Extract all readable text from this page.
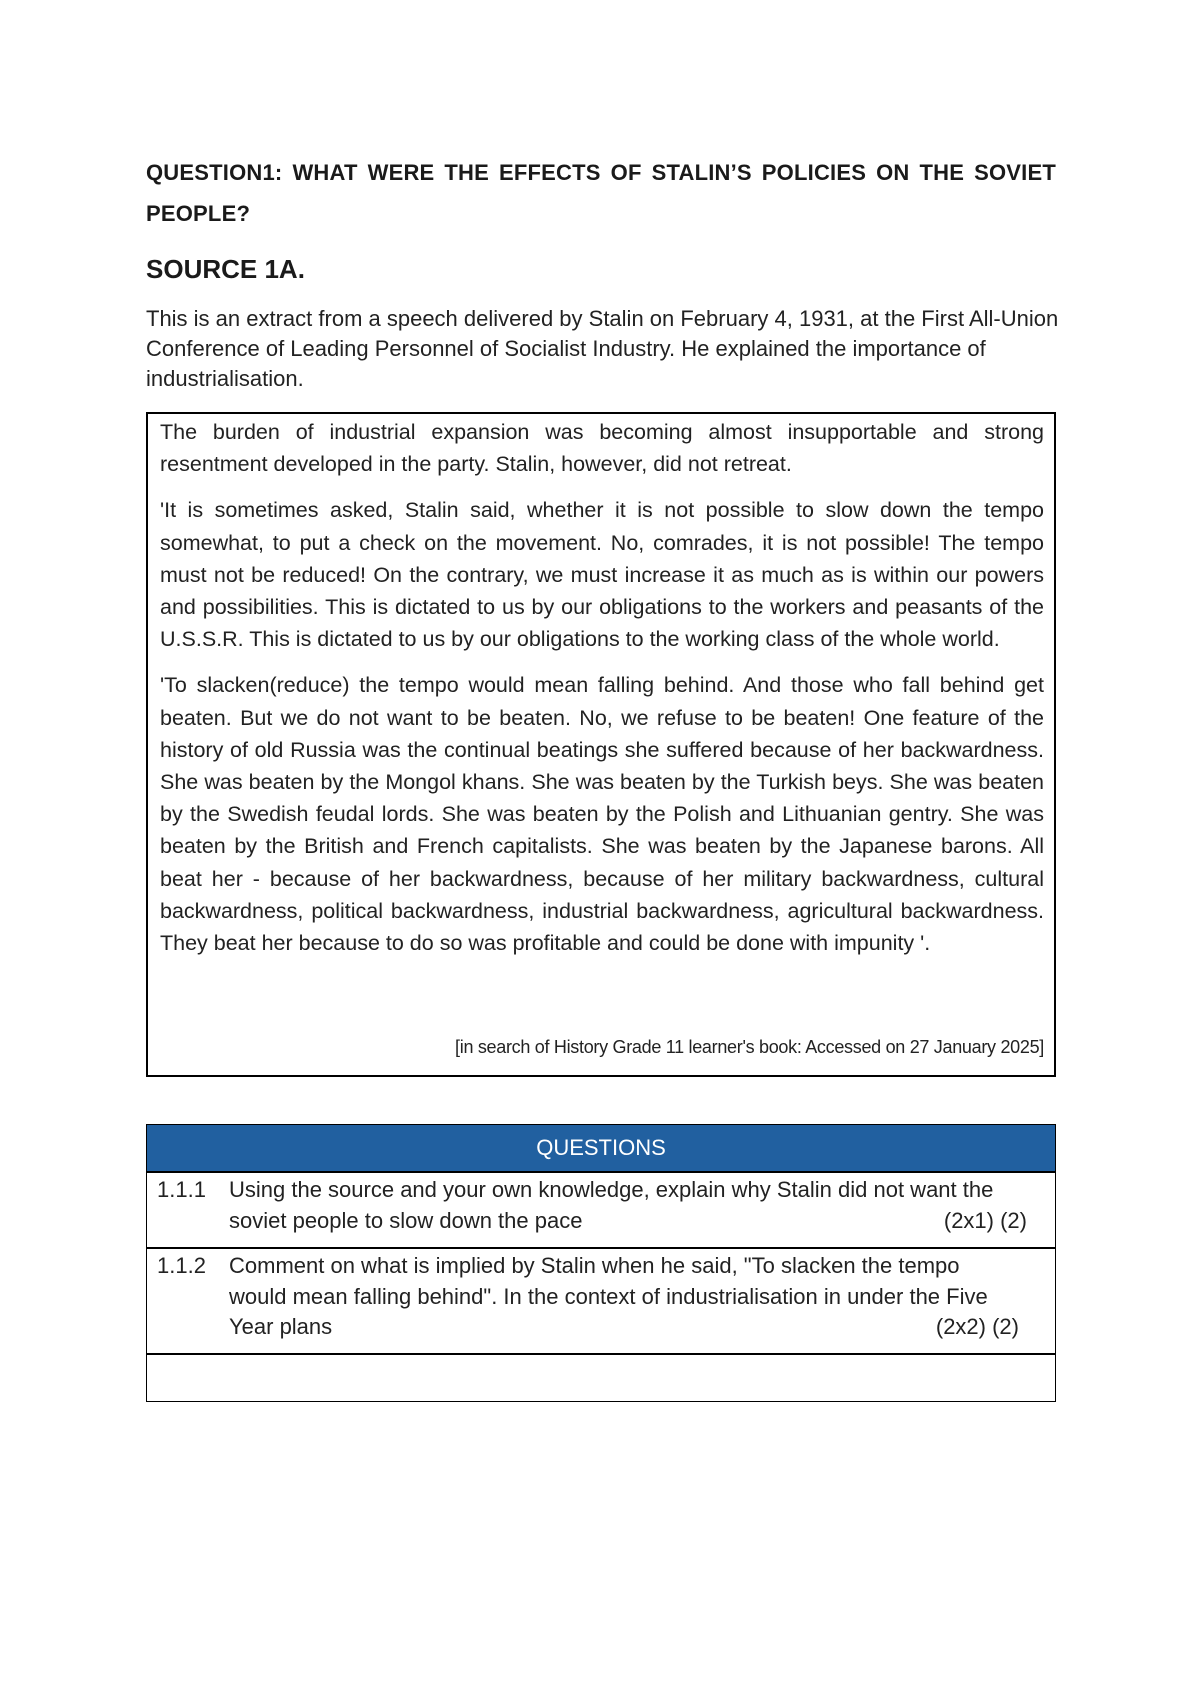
QUESTION1: WHAT WERE THE EFFECTS OF STALIN’S POLICIES ON THE SOVIET PEOPLE?
SOURCE 1A.
This is an extract from a speech delivered by Stalin on February 4, 1931, at the First All-Union Conference of Leading Personnel of Socialist Industry. He explained the importance of industrialisation.

The burden of industrial expansion was becoming almost insupportable and strong resentment developed in the party. Stalin, however, did not retreat.

'It is sometimes asked, Stalin said, whether it is not possible to slow down the tempo somewhat, to put a check on the movement. No, comrades, it is not possible! The tempo must not be reduced! On the contrary, we must increase it as much as is within our powers and possibilities. This is dictated to us by our obligations to the workers and peasants of the U.S.S.R. This is dictated to us by our obligations to the working class of the whole world.

'To slacken(reduce) the tempo would mean falling behind. And those who fall behind get beaten. But we do not want to be beaten. No, we refuse to be beaten! One feature of the history of old Russia was the continual beatings she suffered because of her backwardness. She was beaten by the Mongol khans. She was beaten by the Turkish beys. She was beaten by the Swedish feudal lords. She was beaten by the Polish and Lithuanian gentry. She was beaten by the British and French capitalists. She was beaten by the Japanese barons. All beat her - because of her backwardness, because of her military backwardness, cultural backwardness, political backwardness, industrial backwardness, agricultural backwardness. They beat her because to do so was profitable and could be done with impunity '.

[in search of History Grade 11 learner's book: Accessed on 27 January 2025]
QUESTIONS

1.1.1	Using the source and your own knowledge, explain why Stalin did not want the soviet people to slow down the pace	(2x1) (2)

1.1.2	Comment on what is implied by Stalin when he said, "To slacken the tempo would mean falling behind". In the context of industrialisation in under the Five Year plans	(2x2) (2)
